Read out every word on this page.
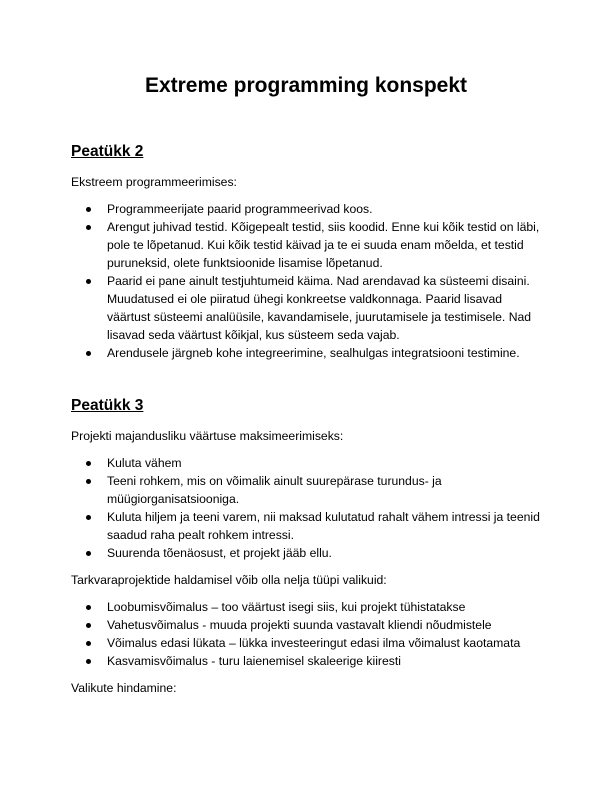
Extreme programming konspekt
Peatükk 2

Ekstreem programmeerimises:

Programmeerijate paarid programmeerivad koos.
Arengut juhivad testid. Kõigepealt testid, siis koodid. Enne kui kõik testid on läbi, pole te lõpetanud. Kui kõik testid käivad ja te ei suuda enam mõelda, et testid puruneksid, olete funktsioonide lisamise lõpetanud.
Paarid ei pane ainult testjuhtumeid käima. Nad arendavad ka süsteemi disaini. Muudatused ei ole piiratud ühegi konkreetse valdkonnaga. Paarid lisavad väärtust süsteemi analüüsile, kavandamisele, juurutamisele ja testimisele. Nad lisavad seda väärtust kõikjal, kus süsteem seda vajab.
Arendusele järgneb kohe integreerimine, sealhulgas integratsiooni testimine.
Peatükk 3

Projekti majandusliku väärtuse maksimeerimiseks:

Kuluta vähem
Teeni rohkem, mis on võimalik ainult suurepärase turundus- ja müügiorganisatsiooniga.
Kuluta hiljem ja teeni varem, nii maksad kulutatud rahalt vähem intressi ja teenid saadud raha pealt rohkem intressi.
Suurenda tõenäosust, et projekt jääb ellu.

Tarkvaraprojektide haldamisel võib olla nelja tüüpi valikuid:

Loobumisvõimalus – too väärtust isegi siis, kui projekt tühistatakse
Vahetusvõimalus - muuda projekti suunda vastavalt kliendi nõudmistele
Võimalus edasi lükata – lükka investeeringut edasi ilma võimalust kaotamata
Kasvamisvõimalus - turu laienemisel skaleerige kiiresti

Valikute hindamine:
